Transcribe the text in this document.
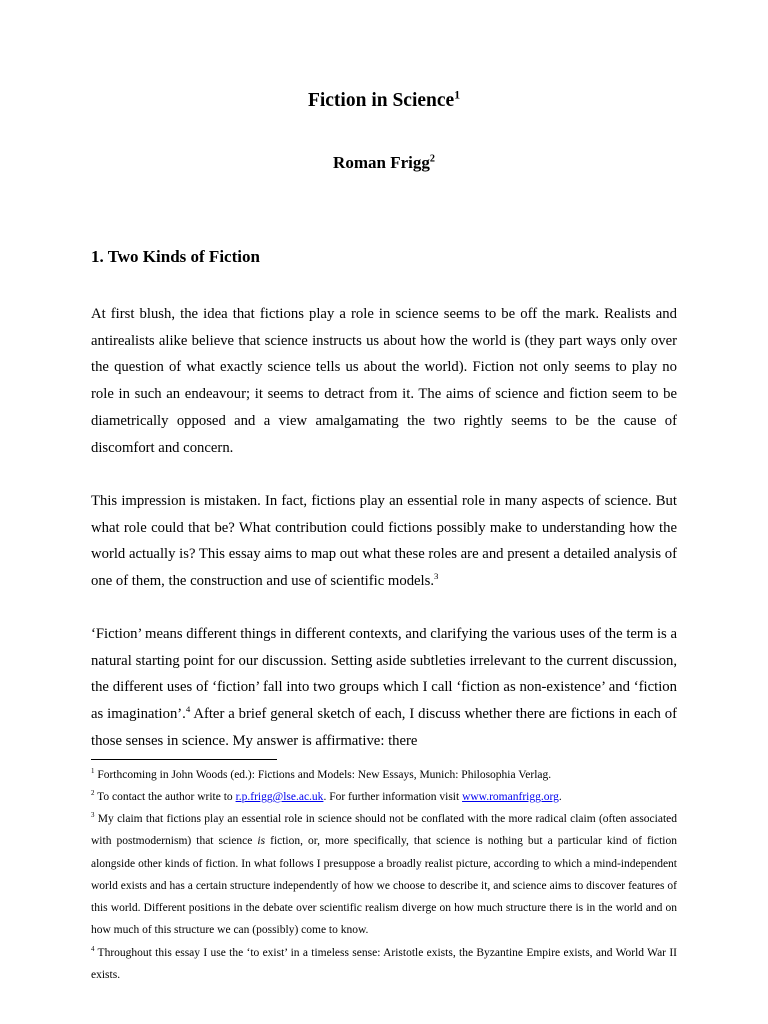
Fiction in Science$^1$
Roman Frigg$^2$
1. Two Kinds of Fiction
At first blush, the idea that fictions play a role in science seems to be off the mark. Realists and antirealists alike believe that science instructs us about how the world is (they part ways only over the question of what exactly science tells us about the world). Fiction not only seems to play no role in such an endeavour; it seems to detract from it. The aims of science and fiction seem to be diametrically opposed and a view amalgamating the two rightly seems to be the cause of discomfort and concern.
This impression is mistaken. In fact, fictions play an essential role in many aspects of science. But what role could that be? What contribution could fictions possibly make to understanding how the world actually is? This essay aims to map out what these roles are and present a detailed analysis of one of them, the construction and use of scientific models.$^3$
‘Fiction’ means different things in different contexts, and clarifying the various uses of the term is a natural starting point for our discussion. Setting aside subtleties irrelevant to the current discussion, the different uses of ‘fiction’ fall into two groups which I call ‘fiction as non-existence’ and ‘fiction as imagination’.$^4$ After a brief general sketch of each, I discuss whether there are fictions in each of those senses in science. My answer is affirmative: there

$^1$ Forthcoming in John Woods (ed.): Fictions and Models: New Essays, Munich: Philosophia Verlag.

$^2$ To contact the author write to r.p.frigg@lse.ac.uk. For further information visit www.romanfrigg.org.

$^3$ My claim that fictions play an essential role in science should not be conflated with the more radical claim (often associated with postmodernism) that science is fiction, or, more specifically, that science is nothing but a particular kind of fiction alongside other kinds of fiction. In what follows I presuppose a broadly realist picture, according to which a mind-independent world exists and has a certain structure independently of how we choose to describe it, and science aims to discover features of this world. Different positions in the debate over scientific realism diverge on how much structure there is in the world and on how much of this structure we can (possibly) come to know.

$^4$ Throughout this essay I use the ‘to exist’ in a timeless sense: Aristotle exists, the Byzantine Empire exists, and World War II exists.
